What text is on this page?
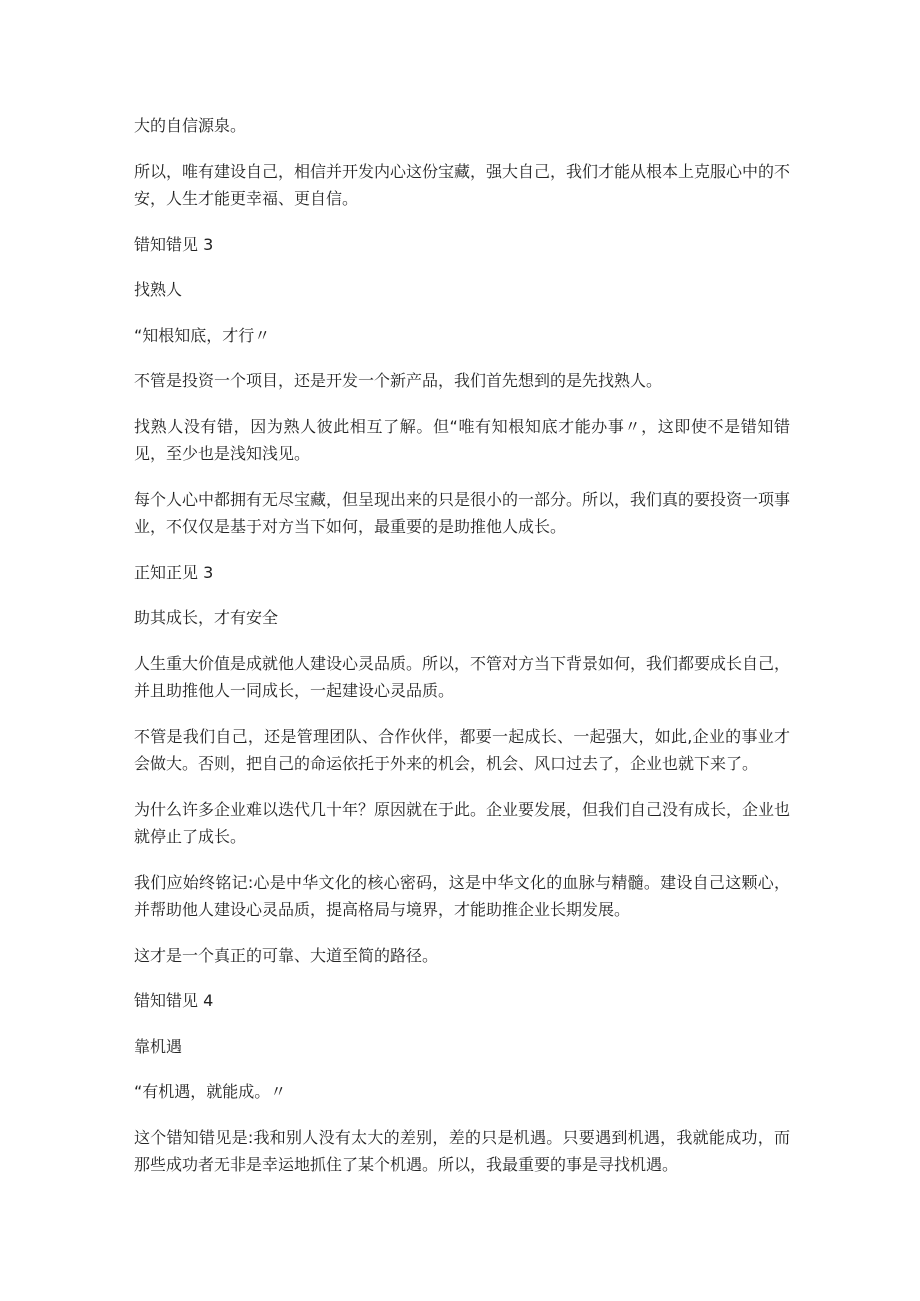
大的自信源泉。

所以，唯有建设自己，相信并开发内心这份宝藏，强大自己，我们才能从根本上克服心中的不安，人生才能更幸福、更自信。

错知错见 3

找熟人

“知根知底，才行〃

不管是投资一个项目，还是开发一个新产品，我们首先想到的是先找熟人。

找熟人没有错，因为熟人彼此相互了解。但“唯有知根知底才能办事〃，这即使不是错知错见，至少也是浅知浅见。

每个人心中都拥有无尽宝藏，但呈现出来的只是很小的一部分。所以，我们真的要投资一项事业，不仅仅是基于对方当下如何，最重要的是助推他人成长。

正知正见 3

助其成长，才有安全

人生重大价值是成就他人建设心灵品质。所以，不管对方当下背景如何，我们都要成长自己，并且助推他人一同成长，一起建设心灵品质。

不管是我们自己，还是管理团队、合作伙伴，都要一起成长、一起强大，如此,企业的事业才会做大。否则，把自己的命运依托于外来的机会，机会、风口过去了，企业也就下来了。

为什么许多企业难以迭代几十年？原因就在于此。企业要发展，但我们自己没有成长，企业也就停止了成长。

我们应始终铭记:心是中华文化的核心密码，这是中华文化的血脉与精髓。建设自己这颗心，并帮助他人建设心灵品质，提高格局与境界，才能助推企业长期发展。

这才是一个真正的可靠、大道至简的路径。

错知错见 4

靠机遇

“有机遇，就能成。〃

这个错知错见是:我和别人没有太大的差别，差的只是机遇。只要遇到机遇，我就能成功，而那些成功者无非是幸运地抓住了某个机遇。所以，我最重要的事是寻找机遇。
